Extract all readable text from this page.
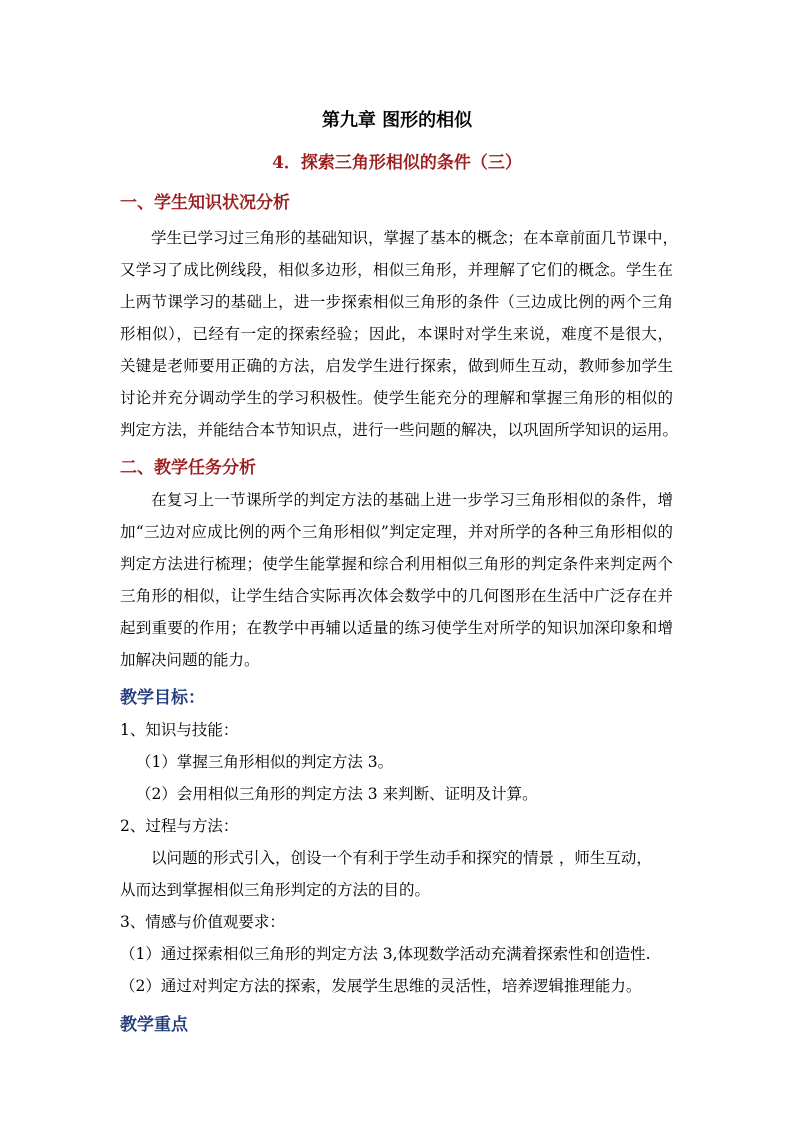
第九章 图形的相似
4．探索三角形相似的条件（三）
一、学生知识状况分析
学生已学习过三角形的基础知识，掌握了基本的概念；在本章前面几节课中，
又学习了成比例线段，相似多边形，相似三角形，并理解了它们的概念。学生在
上两节课学习的基础上，进一步探索相似三角形的条件（三边成比例的两个三角
形相似），已经有一定的探索经验；因此，本课时对学生来说，难度不是很大，
关键是老师要用正确的方法，启发学生进行探索，做到师生互动，教师参加学生
讨论并充分调动学生的学习积极性。使学生能充分的理解和掌握三角形的相似的
判定方法，并能结合本节知识点，进行一些问题的解决，以巩固所学知识的运用。
二、教学任务分析
在复习上一节课所学的判定方法的基础上进一步学习三角形相似的条件，增
加“三边对应成比例的两个三角形相似”判定定理，并对所学的各种三角形相似的
判定方法进行梳理；使学生能掌握和综合利用相似三角形的判定条件来判定两个
三角形的相似，让学生结合实际再次体会数学中的几何图形在生活中广泛存在并
起到重要的作用；在教学中再辅以适量的练习使学生对所学的知识加深印象和增
加解决问题的能力。
教学目标：
1、知识与技能：
（1）掌握三角形相似的判定方法 3。
（2）会用相似三角形的判定方法 3 来判断、证明及计算。
2、过程与方法：
以问题的形式引入，创设一个有利于学生动手和探究的情景 ，师生互动，
从而达到掌握相似三角形判定的方法的目的。
3、情感与价值观要求：
（1）通过探索相似三角形的判定方法 3,体现数学活动充满着探索性和创造性.
（2）通过对判定方法的探索，发展学生思维的灵活性，培养逻辑推理能力。
教学重点
